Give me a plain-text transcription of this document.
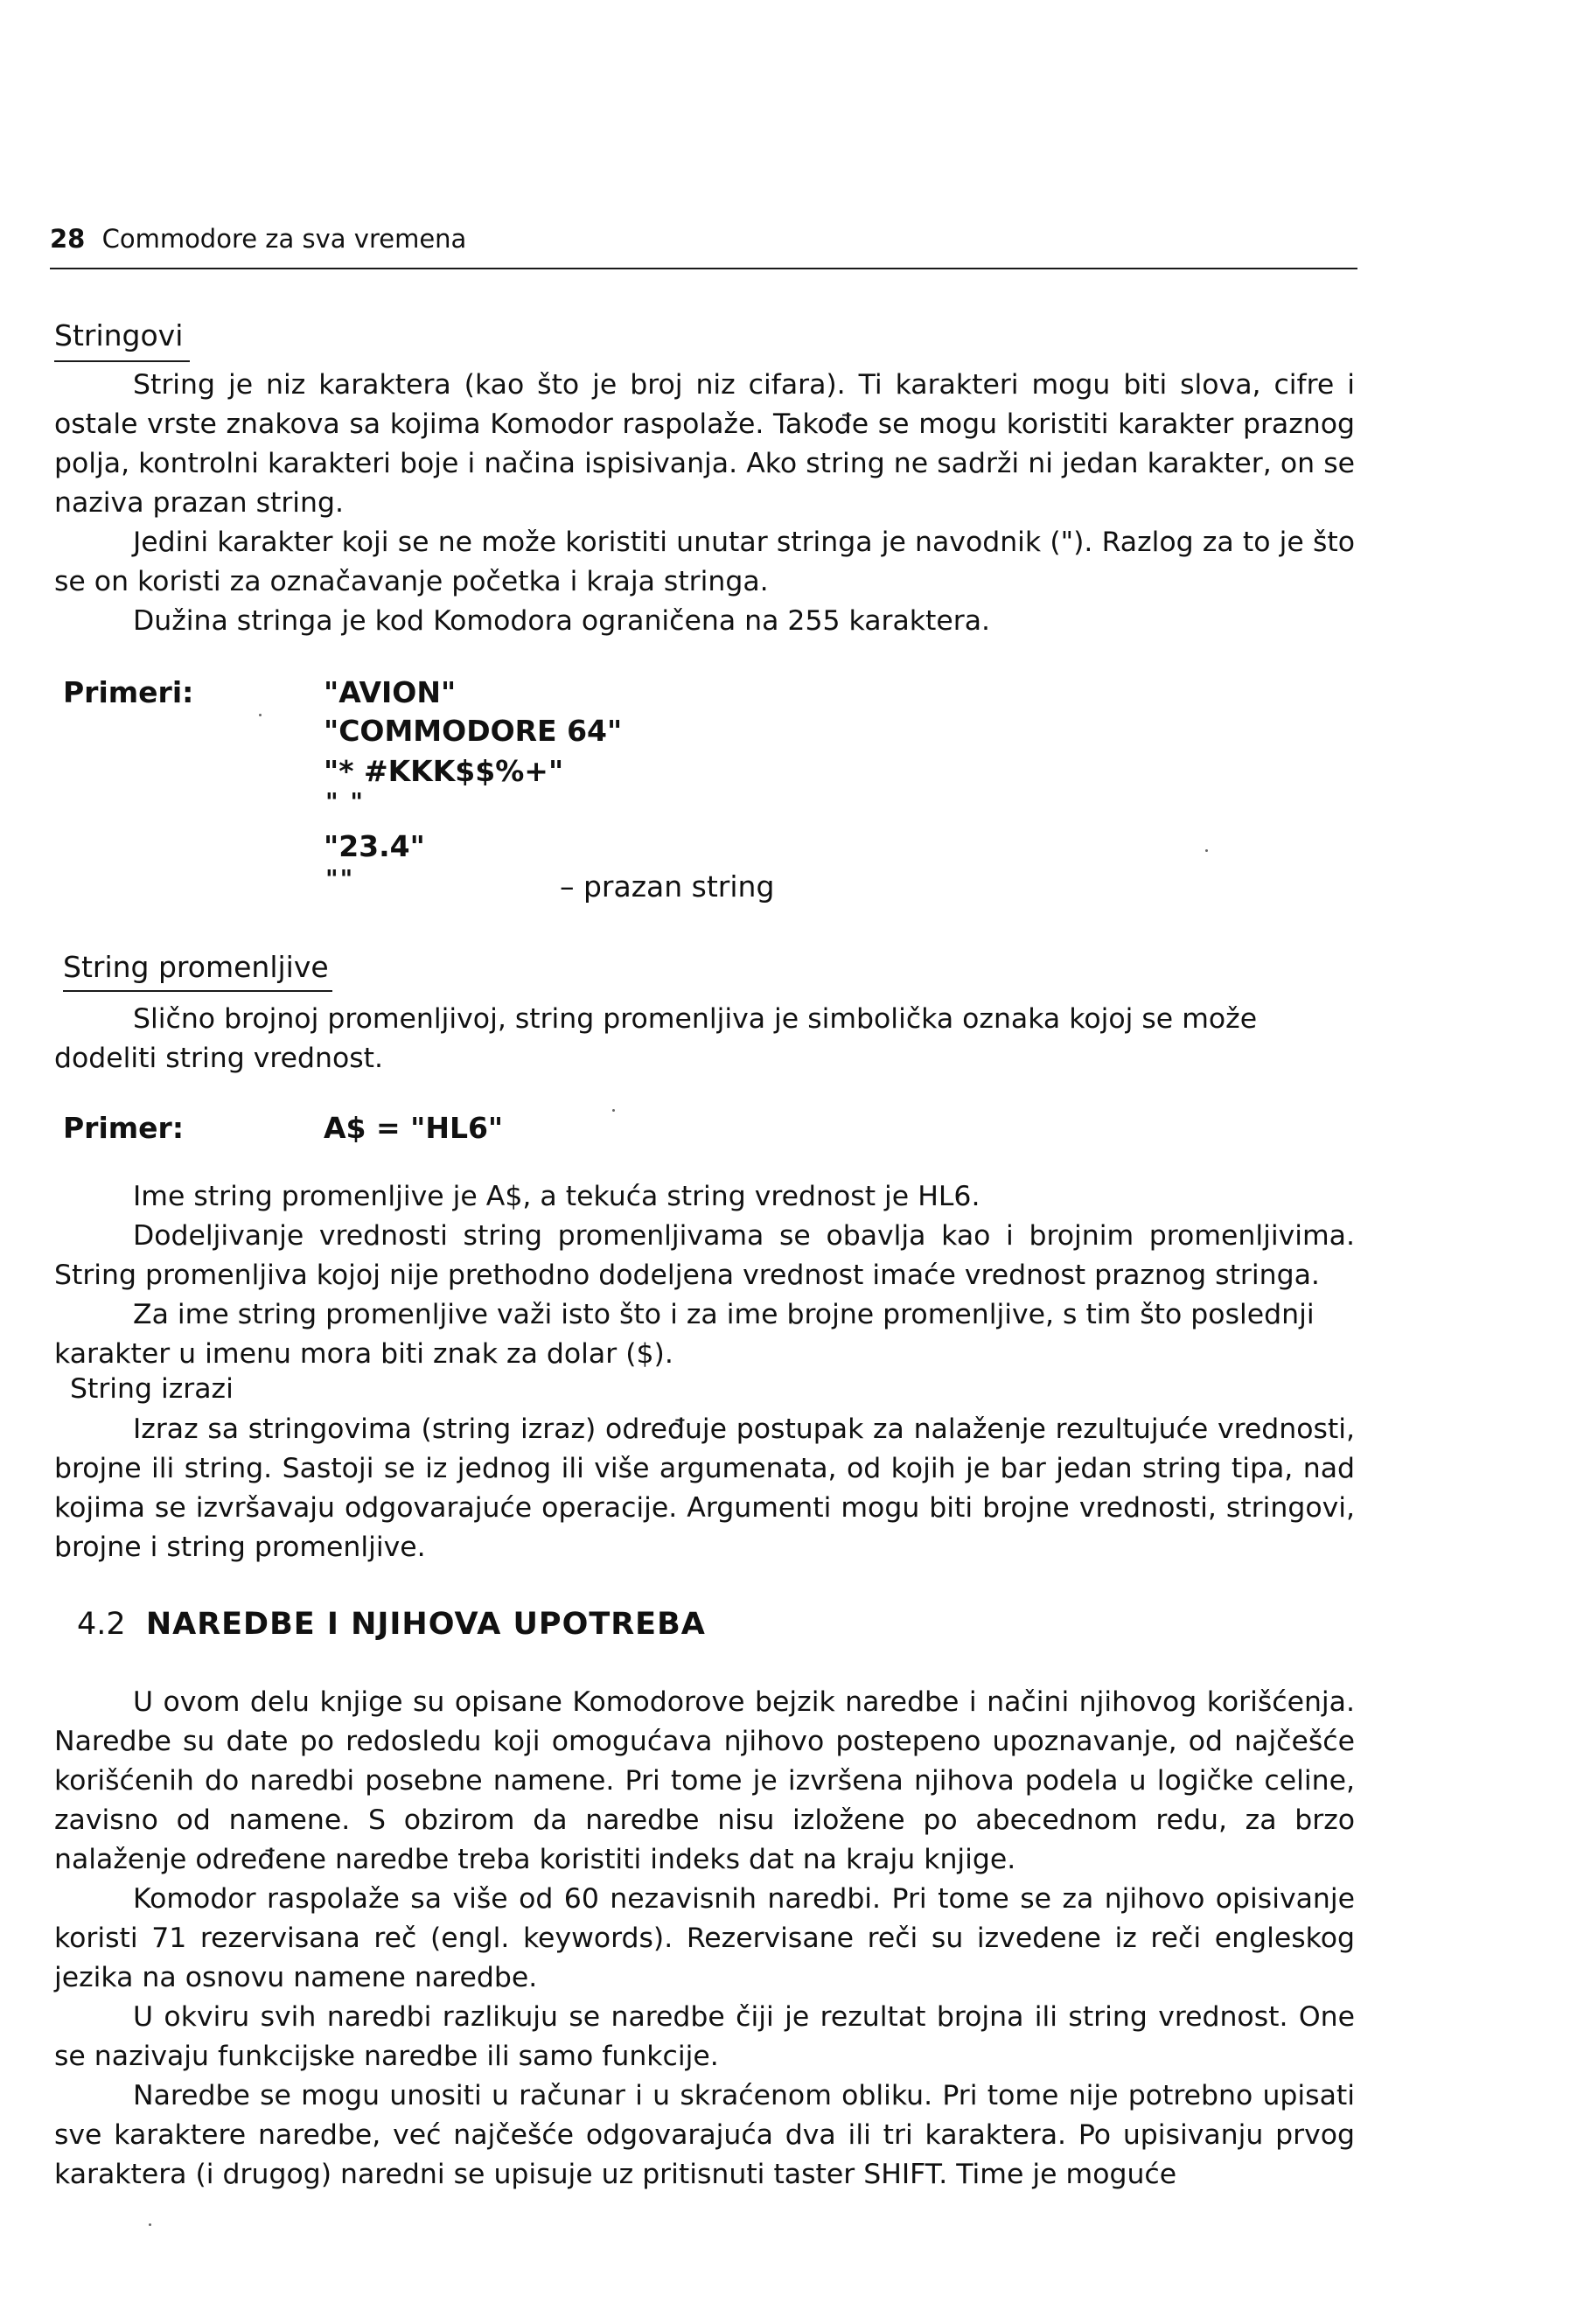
28 Commodore za sva vremena
Stringovi
String je niz karaktera (kao što je broj niz cifara). Ti karakteri mogu biti slova, cifre i ostale vrste znakova sa kojima Komodor raspolaže. Takođe se mogu koristiti karakter praznog polja, kontrolni karakteri boje i načina ispisivanja. Ako string ne sadrži ni jedan karakter, on se naziva prazan string.
Jedini karakter koji se ne može koristiti unutar stringa je navodnik ("). Razlog za to je što se on koristi za označavanje početka i kraja stringa.
Dužina stringa je kod Komodora ograničena na 255 karaktera.
Primeri:	"AVION"
"COMMODORE 64"
"* #KKK$$%+"
" "
"23.4"
""	– prazan string
String promenljive
Slično brojnoj promenljivoj, string promenljiva je simbolička oznaka kojoj se može dodeliti string vrednost.
Primer:	A$ = "HL6"
Ime string promenljive je A$, a tekuća string vrednost je HL6.
Dodeljivanje vrednosti string promenljivama se obavlja kao i brojnim promenljivima. String promenljiva kojoj nije prethodno dodeljena vrednost imaće vrednost praznog stringa.
Za ime string promenljive važi isto što i za ime brojne promenljive, s tim što poslednji karakter u imenu mora biti znak za dolar ($).
String izrazi
Izraz sa stringovima (string izraz) određuje postupak za nalaženje rezultujuće vrednosti, brojne ili string. Sastoji se iz jednog ili više argumenata, od kojih je bar jedan string tipa, nad kojima se izvršavaju odgovarajuće operacije. Argumenti mogu biti brojne vrednosti, stringovi, brojne i string promenljive.
4.2 NAREDBE I NJIHOVA UPOTREBA
U ovom delu knjige su opisane Komodorove bejzik naredbe i načini njihovog korišćenja. Naredbe su date po redosledu koji omogućava njihovo postepeno upoznavanje, od najčešće korišćenih do naredbi posebne namene. Pri tome je izvršena njihova podela u logičke celine, zavisno od namene. S obzirom da naredbe nisu izložene po abecednom redu, za brzo nalaženje određene naredbe treba koristiti indeks dat na kraju knjige.
Komodor raspolaže sa više od 60 nezavisnih naredbi. Pri tome se za njihovo opisivanje koristi 71 rezervisana reč (engl. keywords). Rezervisane reči su izvedene iz reči engleskog jezika na osnovu namene naredbe.
U okviru svih naredbi razlikuju se naredbe čiji je rezultat brojna ili string vrednost. One se nazivaju funkcijske naredbe ili samo funkcije.
Naredbe se mogu unositi u računar i u skraćenom obliku. Pri tome nije potrebno upisati sve karaktere naredbe, već najčešće odgovarajuća dva ili tri karaktera. Po upisivanju prvog karaktera (i drugog) naredni se upisuje uz pritisnuti taster SHIFT. Time je moguće
